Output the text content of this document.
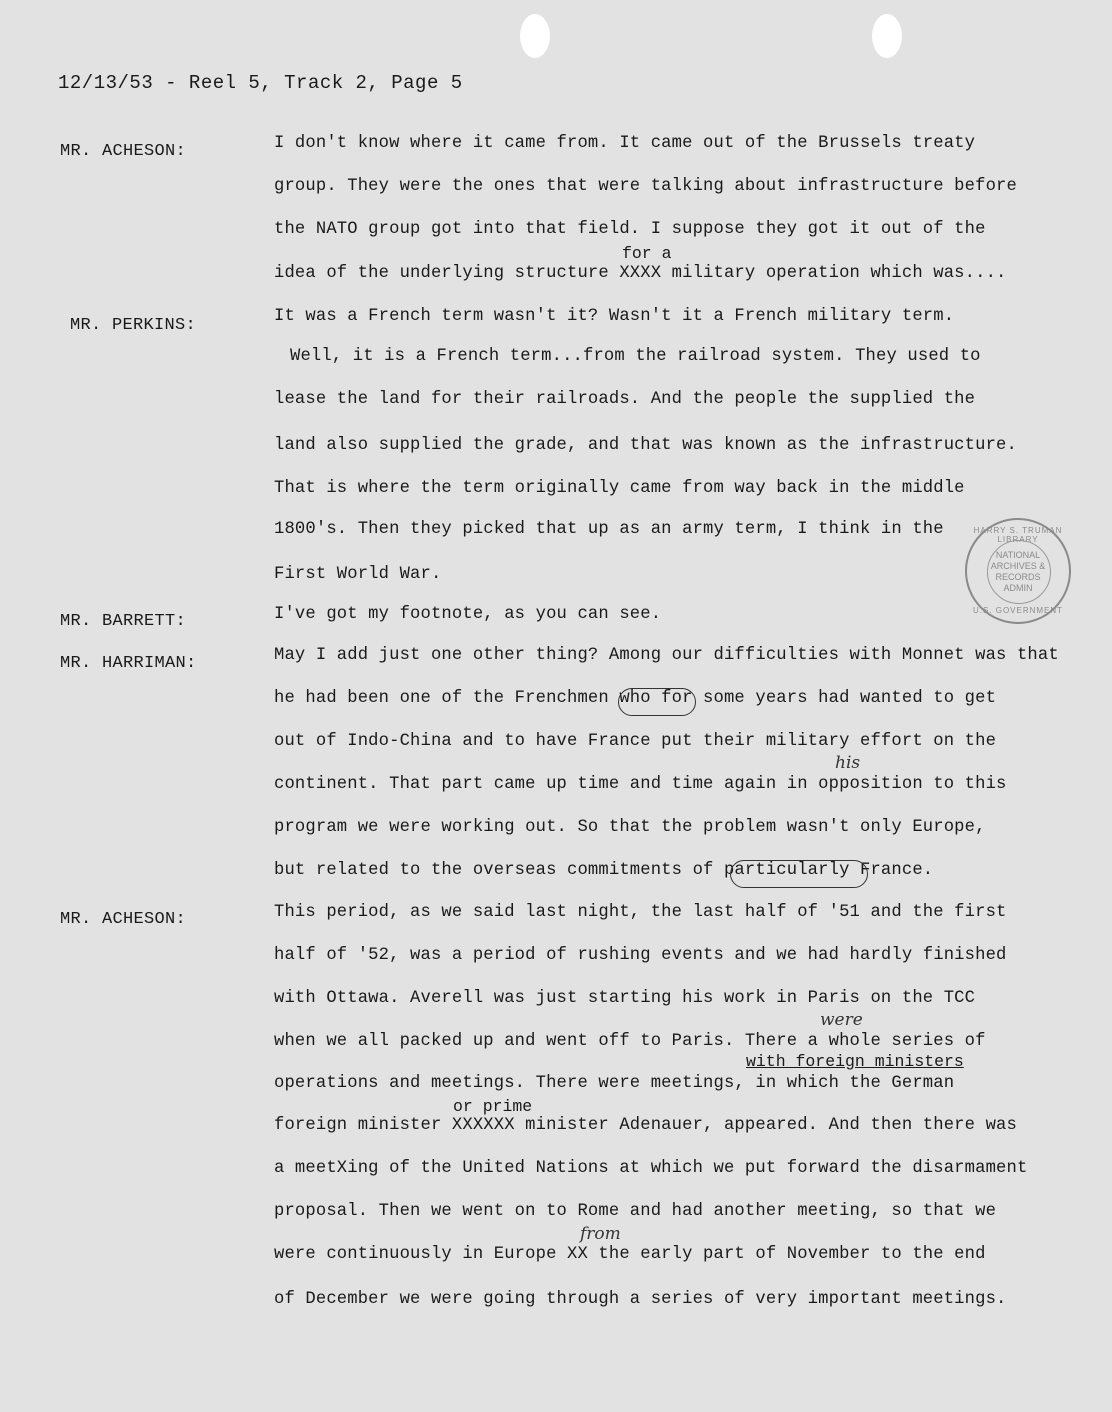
12/13/53 - Reel 5, Track 2, Page 5
MR. ACHESON:
MR. PERKINS:
MR. BARRETT:
MR. HARRIMAN:
MR. ACHESON:
I don't know where it came from. It came out of the Brussels treaty
group. They were the ones that were talking about infrastructure before
the NATO group got into that field. I suppose they got it out of the
idea of the underlying structure XXXX military operation which was....
It was a French term wasn't it? Wasn't it a French military term.
Well, it is a French term...from the railroad system. They used to
lease the land for their railroads. And the people the supplied the
land also supplied the grade, and that was known as the infrastructure.
That is where the term originally came from way back in the middle
1800's. Then they picked that up as an army term, I think in the
First World War.
I've got my footnote, as you can see.
May I add just one other thing? Among our difficulties with Monnet was that
he had been one of the Frenchmen who for some years had wanted to get
out of Indo-China and to have France put their military effort on the
continent. That part came up time and time again in opposition to this
program we were working out. So that the problem wasn't only Europe,
but related to the overseas commitments of particularly France.
This period, as we said last night, the last half of '51 and the first
half of '52, was a period of rushing events and we had hardly finished
with Ottawa. Averell was just starting his work in Paris on the TCC
when we all packed up and went off to Paris. There a whole series of
operations and meetings. There were meetings, in which the German
foreign minister XXXXXX minister Adenauer, appeared. And then there was
a meetXing of the United Nations at which we put forward the disarmament
proposal. Then we went on to Rome and had another meeting, so that we
were continuously in Europe XX the early part of November to the end
of December we were going through a series of very important meetings.
for a
his
were
with foreign ministers
or prime
from
HARRY S. TRUMAN LIBRARY
NATIONAL
ARCHIVES &
RECORDS
ADMIN
U.S. GOVERNMENT
